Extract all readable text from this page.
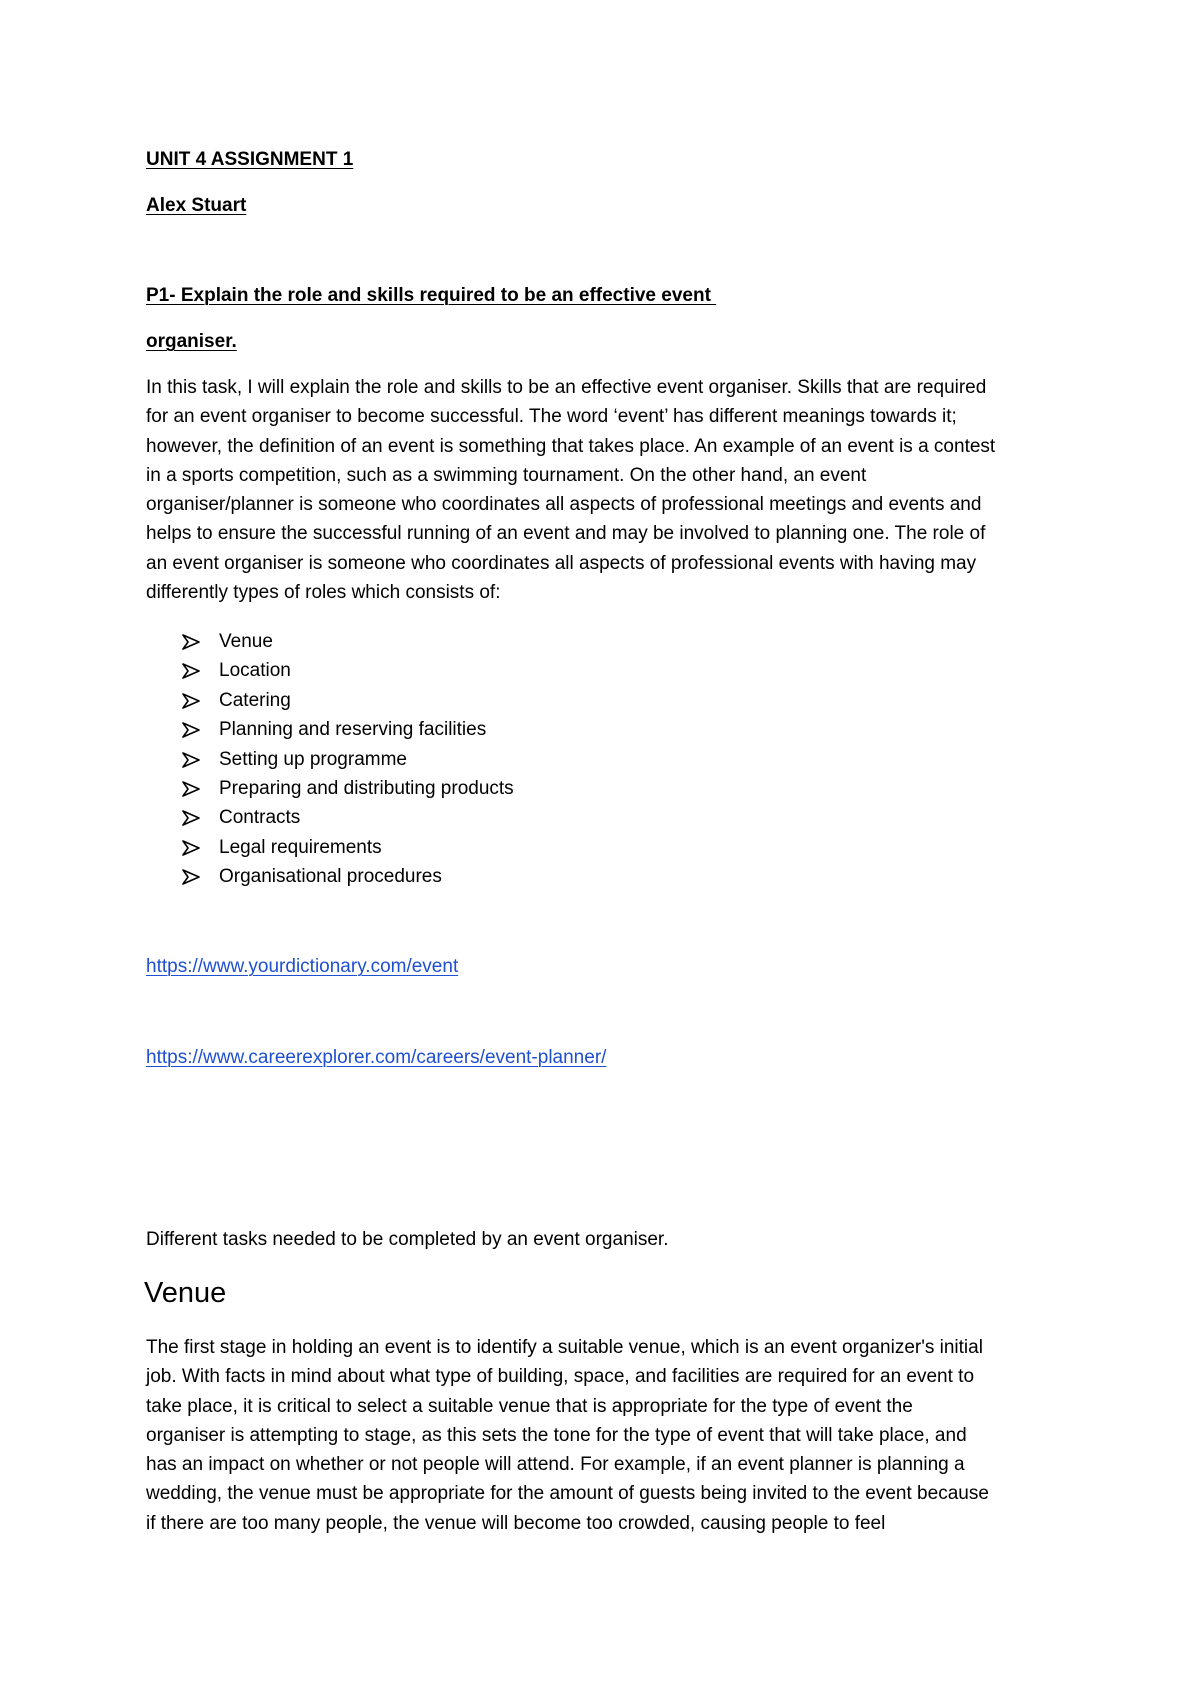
UNIT 4 ASSIGNMENT 1
Alex Stuart
P1- Explain the role and skills required to be an effective event
organiser.
In this task, I will explain the role and skills to be an effective event organiser. Skills that are required
for an event organiser to become successful. The word ‘event’ has different meanings towards it;
however, the definition of an event is something that takes place. An example of an event is a contest
in a sports competition, such as a swimming tournament. On the other hand, an event
organiser/planner is someone who coordinates all aspects of professional meetings and events and
helps to ensure the successful running of an event and may be involved to planning one. The role of
an event organiser is someone who coordinates all aspects of professional events with having may
differently types of roles which consists of:
Venue
Location
Catering
Planning and reserving facilities
Setting up programme
Preparing and distributing products
Contracts
Legal requirements
Organisational procedures
https://www.yourdictionary.com/event
https://www.careerexplorer.com/careers/event-planner/
Different tasks needed to be completed by an event organiser.
Venue
The first stage in holding an event is to identify a suitable venue, which is an event organizer's initial
job. With facts in mind about what type of building, space, and facilities are required for an event to
take place, it is critical to select a suitable venue that is appropriate for the type of event the
organiser is attempting to stage, as this sets the tone for the type of event that will take place, and
has an impact on whether or not people will attend. For example, if an event planner is planning a
wedding, the venue must be appropriate for the amount of guests being invited to the event because
if there are too many people, the venue will become too crowded, causing people to feel
